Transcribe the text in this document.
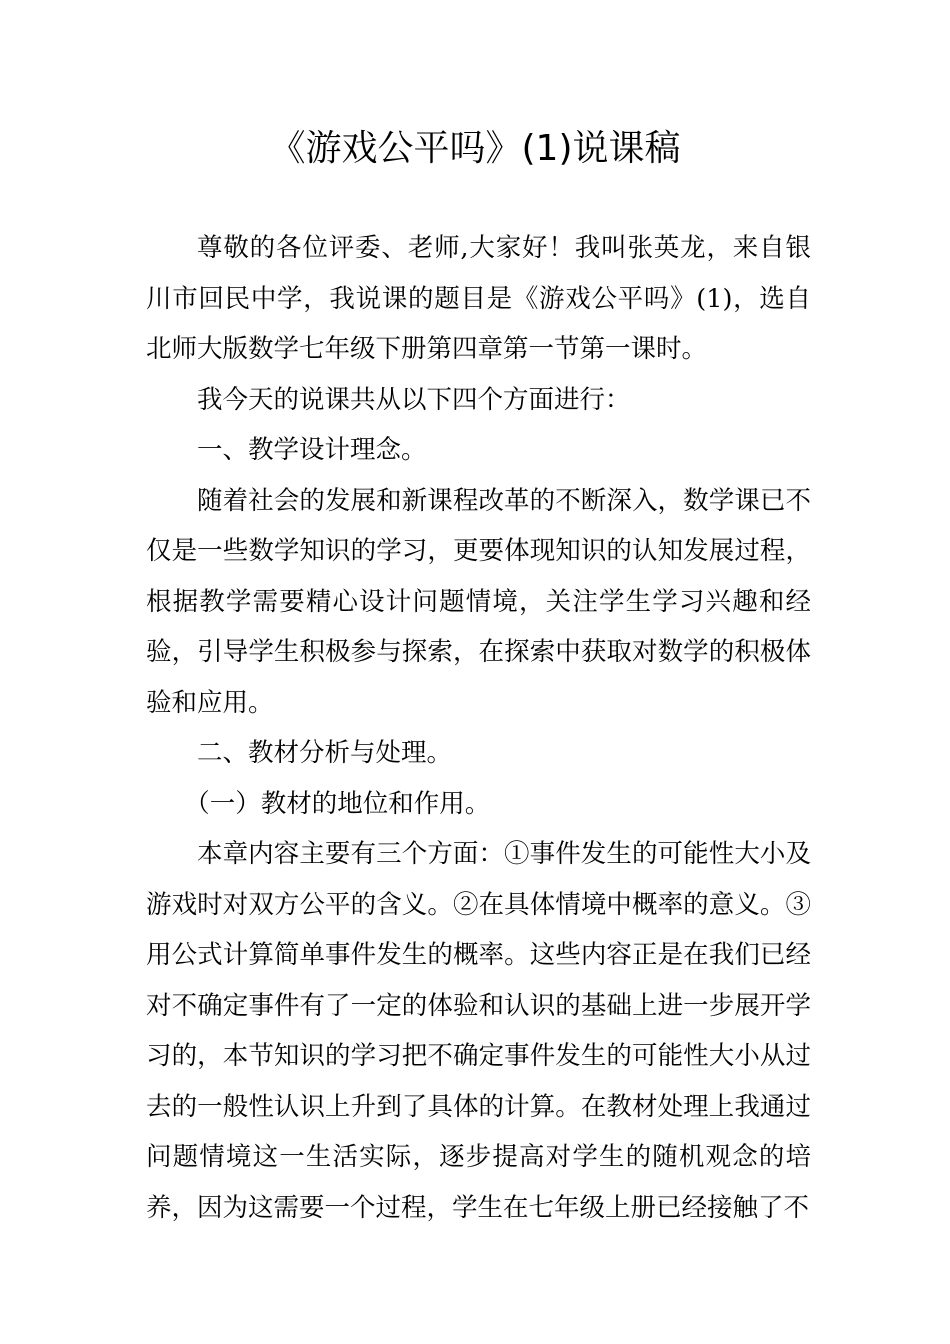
《游戏公平吗》(1)说课稿

尊敬的各位评委、老师,大家好！我叫张英龙，来自银川市回民中学，我说课的题目是《游戏公平吗》(1)，选自北师大版数学七年级下册第四章第一节第一课时。

我今天的说课共从以下四个方面进行：

一、教学设计理念。

随着社会的发展和新课程改革的不断深入，数学课已不仅是一些数学知识的学习，更要体现知识的认知发展过程，根据教学需要精心设计问题情境，关注学生学习兴趣和经验，引导学生积极参与探索，在探索中获取对数学的积极体验和应用。

二、教材分析与处理。

（一）教材的地位和作用。

本章内容主要有三个方面：①事件发生的可能性大小及游戏时对双方公平的含义。②在具体情境中概率的意义。③用公式计算简单事件发生的概率。这些内容正是在我们已经对不确定事件有了一定的体验和认识的基础上进一步展开学习的，本节知识的学习把不确定事件发生的可能性大小从过去的一般性认识上升到了具体的计算。在教材处理上我通过问题情境这一生活实际，逐步提高对学生的随机观念的培养，因为这需要一个过程，学生在七年级上册已经接触了不
